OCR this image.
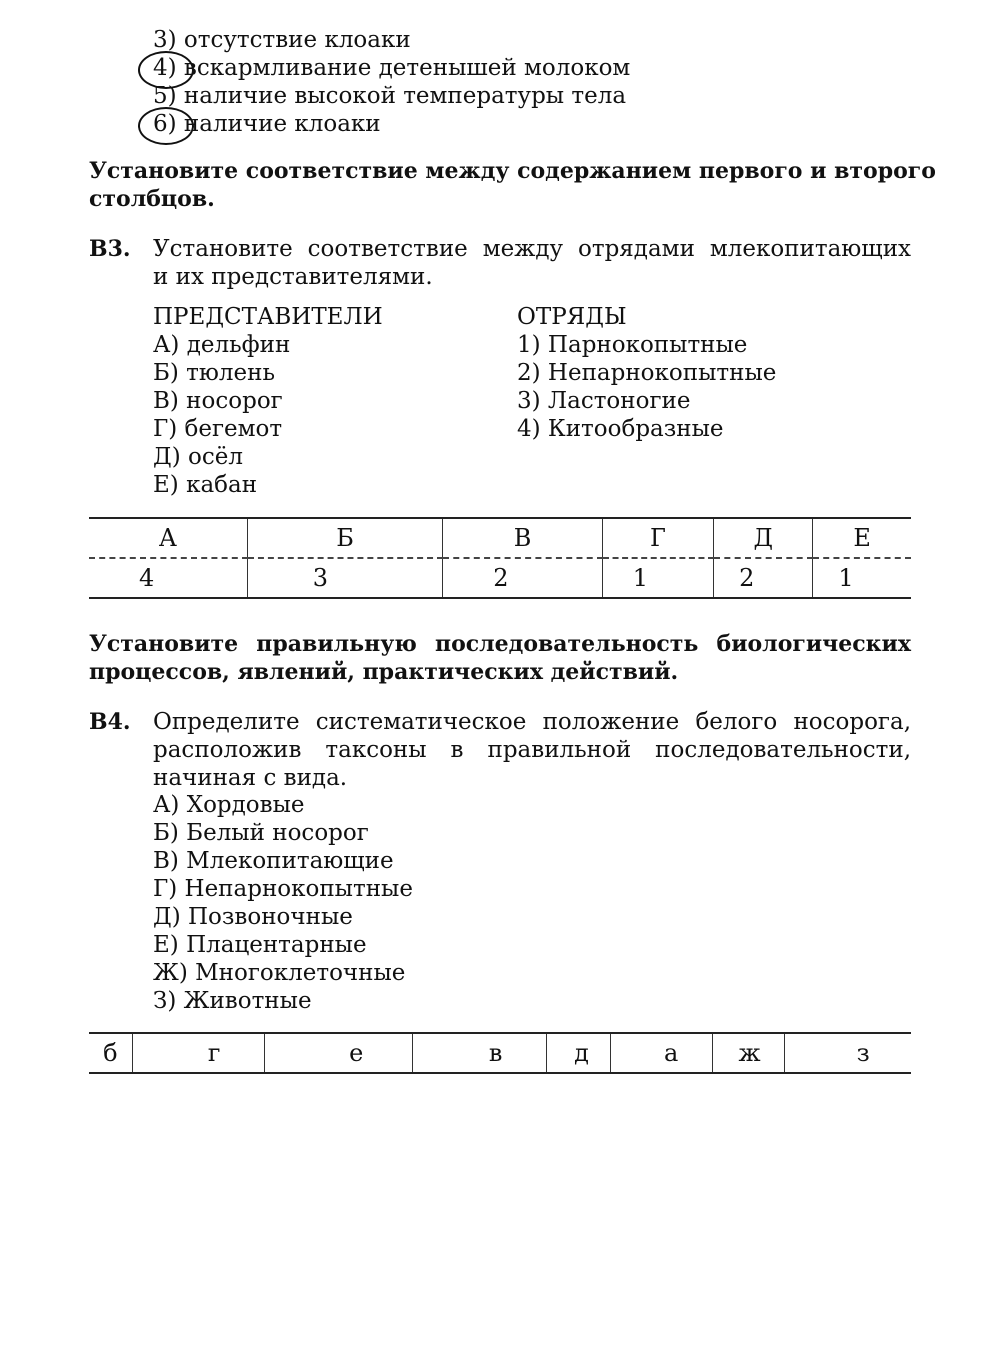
3) отсутствие клоаки
4) вскармливание детенышей молоком
5) наличие высокой температуры тела
6) наличие клоаки
Установите соответствие между содержанием первого и второго
столбцов.
В3. Установите соответствие между отрядами млекопитающих
и их представителями.
ПРЕДСТАВИТЕЛИ
А) дельфин
Б) тюлень
В) носорог
Г) бегемот
Д) осёл
Е) кабан
ОТРЯДЫ
1) Парнокопытные
2) Непарнокопытные
3) Ластоногие
4) Китообразные
А	Б	В	Г	Д	Е
4	3	2	1	2	1
Установите правильную последовательность биологических
процессов, явлений, практических действий.
В4. Определите систематическое положение белого носорога,
расположив таксоны в правильной последовательности,
начиная с вида.
А) Хордовые
Б) Белый носорог
В) Млекопитающие
Г) Непарнокопытные
Д) Позвоночные
Е) Плацентарные
Ж) Многоклеточные
З) Животные
б	г	е	в	д	а	ж	з
